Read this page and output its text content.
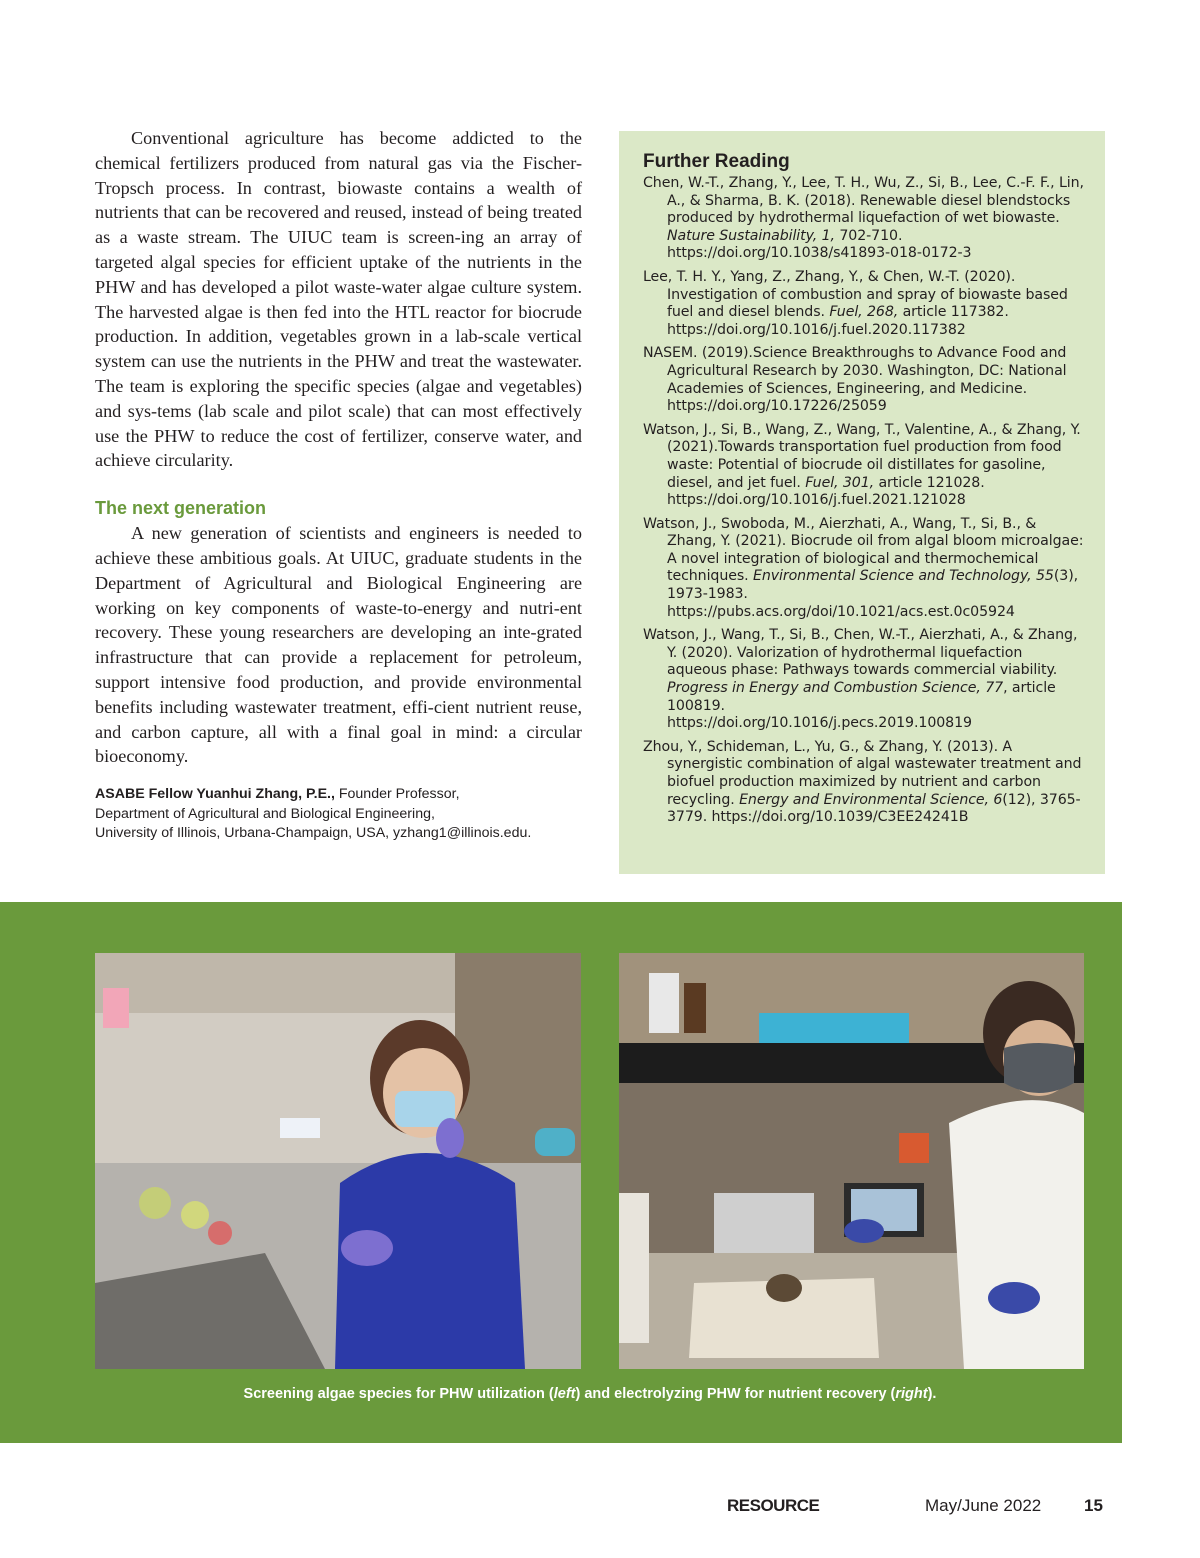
Conventional agriculture has become addicted to the chemical fertilizers produced from natural gas via the Fischer-Tropsch process. In contrast, biowaste contains a wealth of nutrients that can be recovered and reused, instead of being treated as a waste stream. The UIUC team is screen-ing an array of targeted algal species for efficient uptake of the nutrients in the PHW and has developed a pilot waste-water algae culture system. The harvested algae is then fed into the HTL reactor for biocrude production. In addition, vegetables grown in a lab-scale vertical system can use the nutrients in the PHW and treat the wastewater. The team is exploring the specific species (algae and vegetables) and sys-tems (lab scale and pilot scale) that can most effectively use the PHW to reduce the cost of fertilizer, conserve water, and achieve circularity.

The next generation

A new generation of scientists and engineers is needed to achieve these ambitious goals. At UIUC, graduate students in the Department of Agricultural and Biological Engineering are working on key components of waste-to-energy and nutri-ent recovery. These young researchers are developing an inte-grated infrastructure that can provide a replacement for petroleum, support intensive food production, and provide environmental benefits including wastewater treatment, effi-cient nutrient reuse, and carbon capture, all with a final goal in mind: a circular bioeconomy.

ASABE Fellow Yuanhui Zhang, P.E., Founder Professor,
Department of Agricultural and Biological Engineering,
University of Illinois, Urbana-Champaign, USA, yzhang1@illinois.edu.
Further Reading

Chen, W.-T., Zhang, Y., Lee, T. H., Wu, Z., Si, B., Lee, C.-F. F., Lin, A., & Sharma, B. K. (2018). Renewable diesel blendstocks produced by hydrothermal liquefaction of wet biowaste. Nature Sustainability, 1, 702-710.
https://doi.org/10.1038/s41893-018-0172-3

Lee, T. H. Y., Yang, Z., Zhang, Y., & Chen, W.-T. (2020). Investigation of combustion and spray of biowaste based fuel and diesel blends. Fuel, 268, article 117382.
https://doi.org/10.1016/j.fuel.2020.117382

NASEM. (2019).Science Breakthroughs to Advance Food and Agricultural Research by 2030. Washington, DC: National Academies of Sciences, Engineering, and Medicine. https://doi.org/10.17226/25059

Watson, J., Si, B., Wang, Z., Wang, T., Valentine, A., & Zhang, Y. (2021).Towards transportation fuel production from food waste: Potential of biocrude oil distillates for gasoline, diesel, and jet fuel. Fuel, 301, article 121028. https://doi.org/10.1016/j.fuel.2021.121028

Watson, J., Swoboda, M., Aierzhati, A., Wang, T., Si, B., & Zhang, Y. (2021). Biocrude oil from algal bloom microalgae: A novel integration of biological and thermochemical techniques. Environmental Science and Technology, 55(3), 1973-1983.
https://pubs.acs.org/doi/10.1021/acs.est.0c05924

Watson, J., Wang, T., Si, B., Chen, W.-T., Aierzhati, A., & Zhang, Y. (2020). Valorization of hydrothermal liquefaction aqueous phase: Pathways towards commercial viability. Progress in Energy and Combustion Science, 77, article 100819.
https://doi.org/10.1016/j.pecs.2019.100819

Zhou, Y., Schideman, L., Yu, G., & Zhang, Y. (2013). A synergistic combination of algal wastewater treatment and biofuel production maximized by nutrient and carbon recycling. Energy and Environmental Science, 6(12), 3765-3779. https://doi.org/10.1039/C3EE24241B

Screening algae species for PHW utilization (left) and electrolyzing PHW for nutrient recovery (right).
RESOURCE	May/June 2022	15
